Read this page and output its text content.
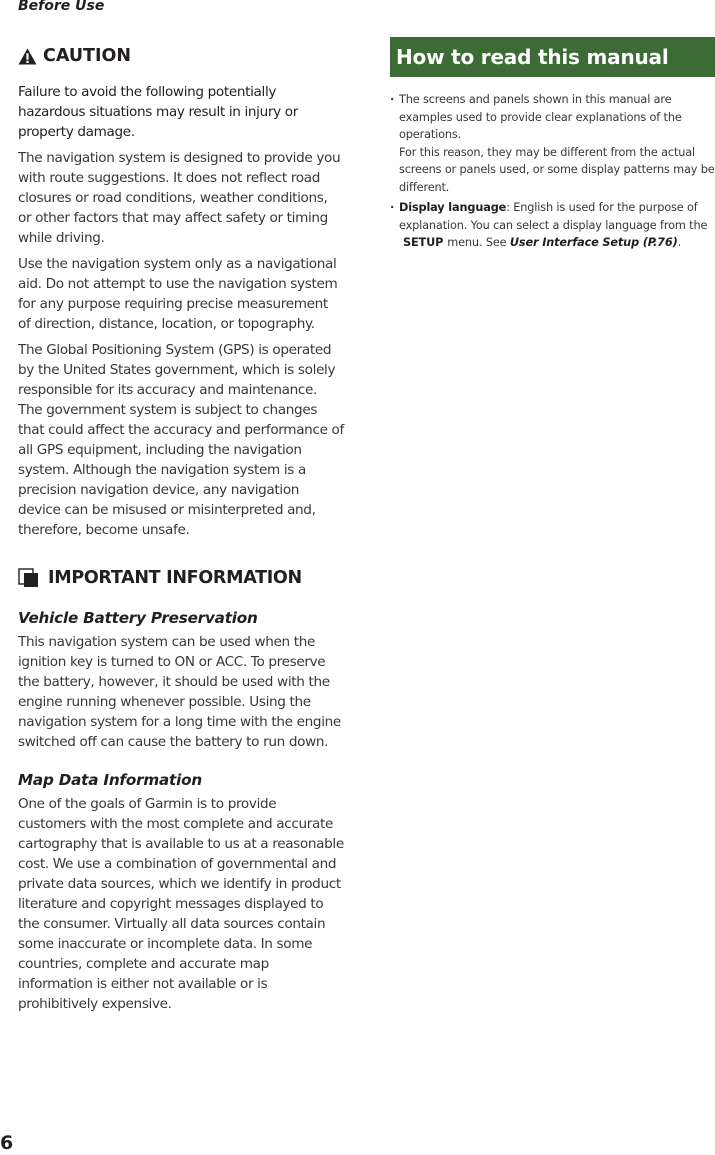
Before Use
CAUTION

Failure to avoid the following potentially hazardous situations may result in injury or property damage.

The navigation system is designed to provide you with route suggestions. It does not reflect road closures or road conditions, weather conditions, or other factors that may affect safety or timing while driving.

Use the navigation system only as a navigational aid. Do not attempt to use the navigation system for any purpose requiring precise measurement of direction, distance, location, or topography.

The Global Positioning System (GPS) is operated by the United States government, which is solely responsible for its accuracy and maintenance. The government system is subject to changes that could affect the accuracy and performance of all GPS equipment, including the navigation system. Although the navigation system is a precision navigation device, any navigation device can be misused or misinterpreted and, therefore, become unsafe.

IMPORTANT INFORMATION
Vehicle Battery Preservation

This navigation system can be used when the ignition key is turned to ON or ACC. To preserve the battery, however, it should be used with the engine running whenever possible. Using the navigation system for a long time with the engine switched off can cause the battery to run down.

Map Data Information

One of the goals of Garmin is to provide customers with the most complete and accurate cartography that is available to us at a reasonable cost. We use a combination of governmental and private data sources, which we identify in product literature and copyright messages displayed to the consumer. Virtually all data sources contain some inaccurate or incomplete data. In some countries, complete and accurate map information is either not available or is prohibitively expensive.

How to read this manual
· The screens and panels shown in this manual are examples used to provide clear explanations of the operations.
For this reason, they may be different from the actual screens or panels used, or some display patterns may be different.
· Display language: English is used for the purpose of explanation. You can select a display language from the SETUP menu. See User Interface Setup (P.76).
6
